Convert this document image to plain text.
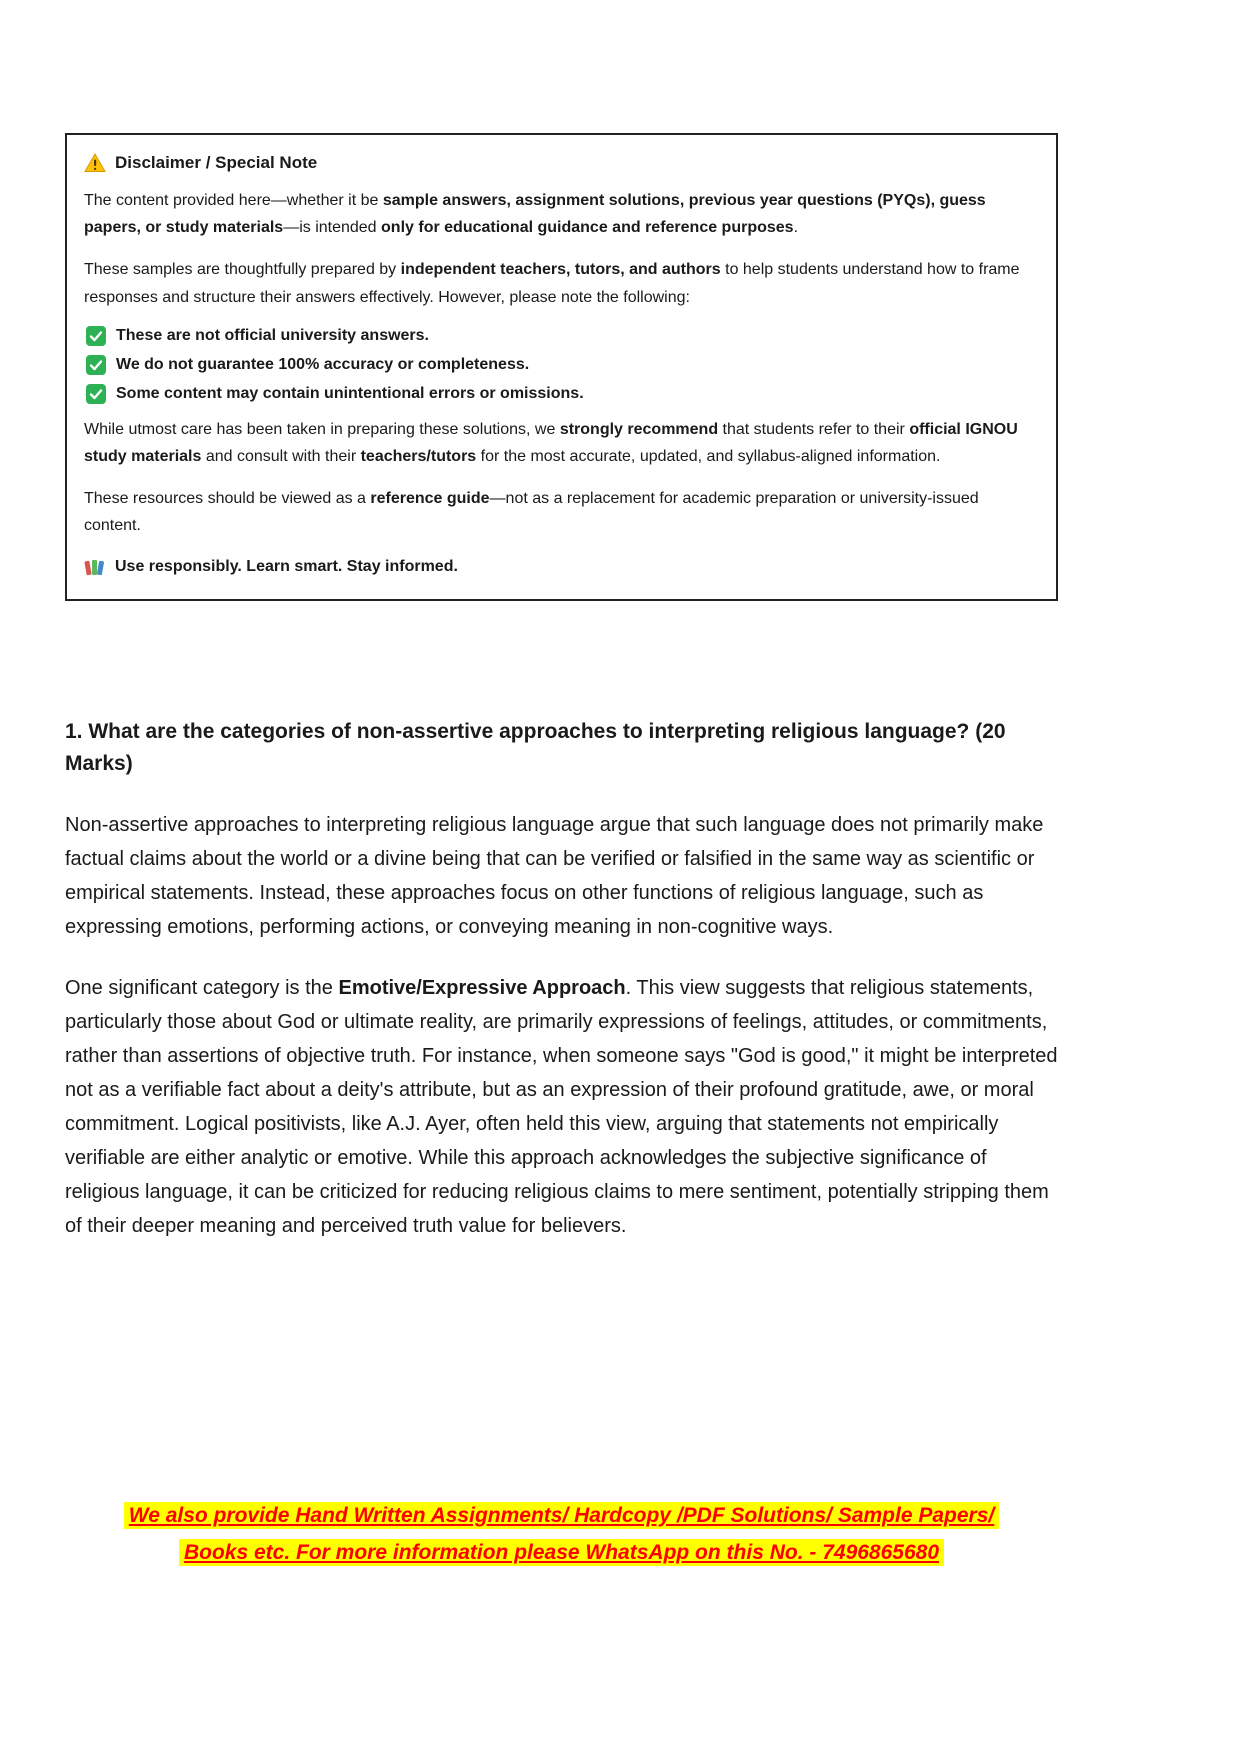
Disclaimer / Special Note

The content provided here—whether it be sample answers, assignment solutions, previous year questions (PYQs), guess papers, or study materials—is intended only for educational guidance and reference purposes.

These samples are thoughtfully prepared by independent teachers, tutors, and authors to help students understand how to frame responses and structure their answers effectively. However, please note the following:

These are not official university answers.
We do not guarantee 100% accuracy or completeness.
Some content may contain unintentional errors or omissions.

While utmost care has been taken in preparing these solutions, we strongly recommend that students refer to their official IGNOU study materials and consult with their teachers/tutors for the most accurate, updated, and syllabus-aligned information.

These resources should be viewed as a reference guide—not as a replacement for academic preparation or university-issued content.

Use responsibly. Learn smart. Stay informed.
1. What are the categories of non-assertive approaches to interpreting religious language? (20 Marks)

Non-assertive approaches to interpreting religious language argue that such language does not primarily make factual claims about the world or a divine being that can be verified or falsified in the same way as scientific or empirical statements. Instead, these approaches focus on other functions of religious language, such as expressing emotions, performing actions, or conveying meaning in non-cognitive ways.

One significant category is the Emotive/Expressive Approach. This view suggests that religious statements, particularly those about God or ultimate reality, are primarily expressions of feelings, attitudes, or commitments, rather than assertions of objective truth. For instance, when someone says "God is good," it might be interpreted not as a verifiable fact about a deity's attribute, but as an expression of their profound gratitude, awe, or moral commitment. Logical positivists, like A.J. Ayer, often held this view, arguing that statements not empirically verifiable are either analytic or emotive. While this approach acknowledges the subjective significance of religious language, it can be criticized for reducing religious claims to mere sentiment, potentially stripping them of their deeper meaning and perceived truth value for believers.

We also provide Hand Written Assignments/ Hardcopy /PDF Solutions/ Sample Papers/
Books etc. For more information please WhatsApp on this No. - 7496865680
